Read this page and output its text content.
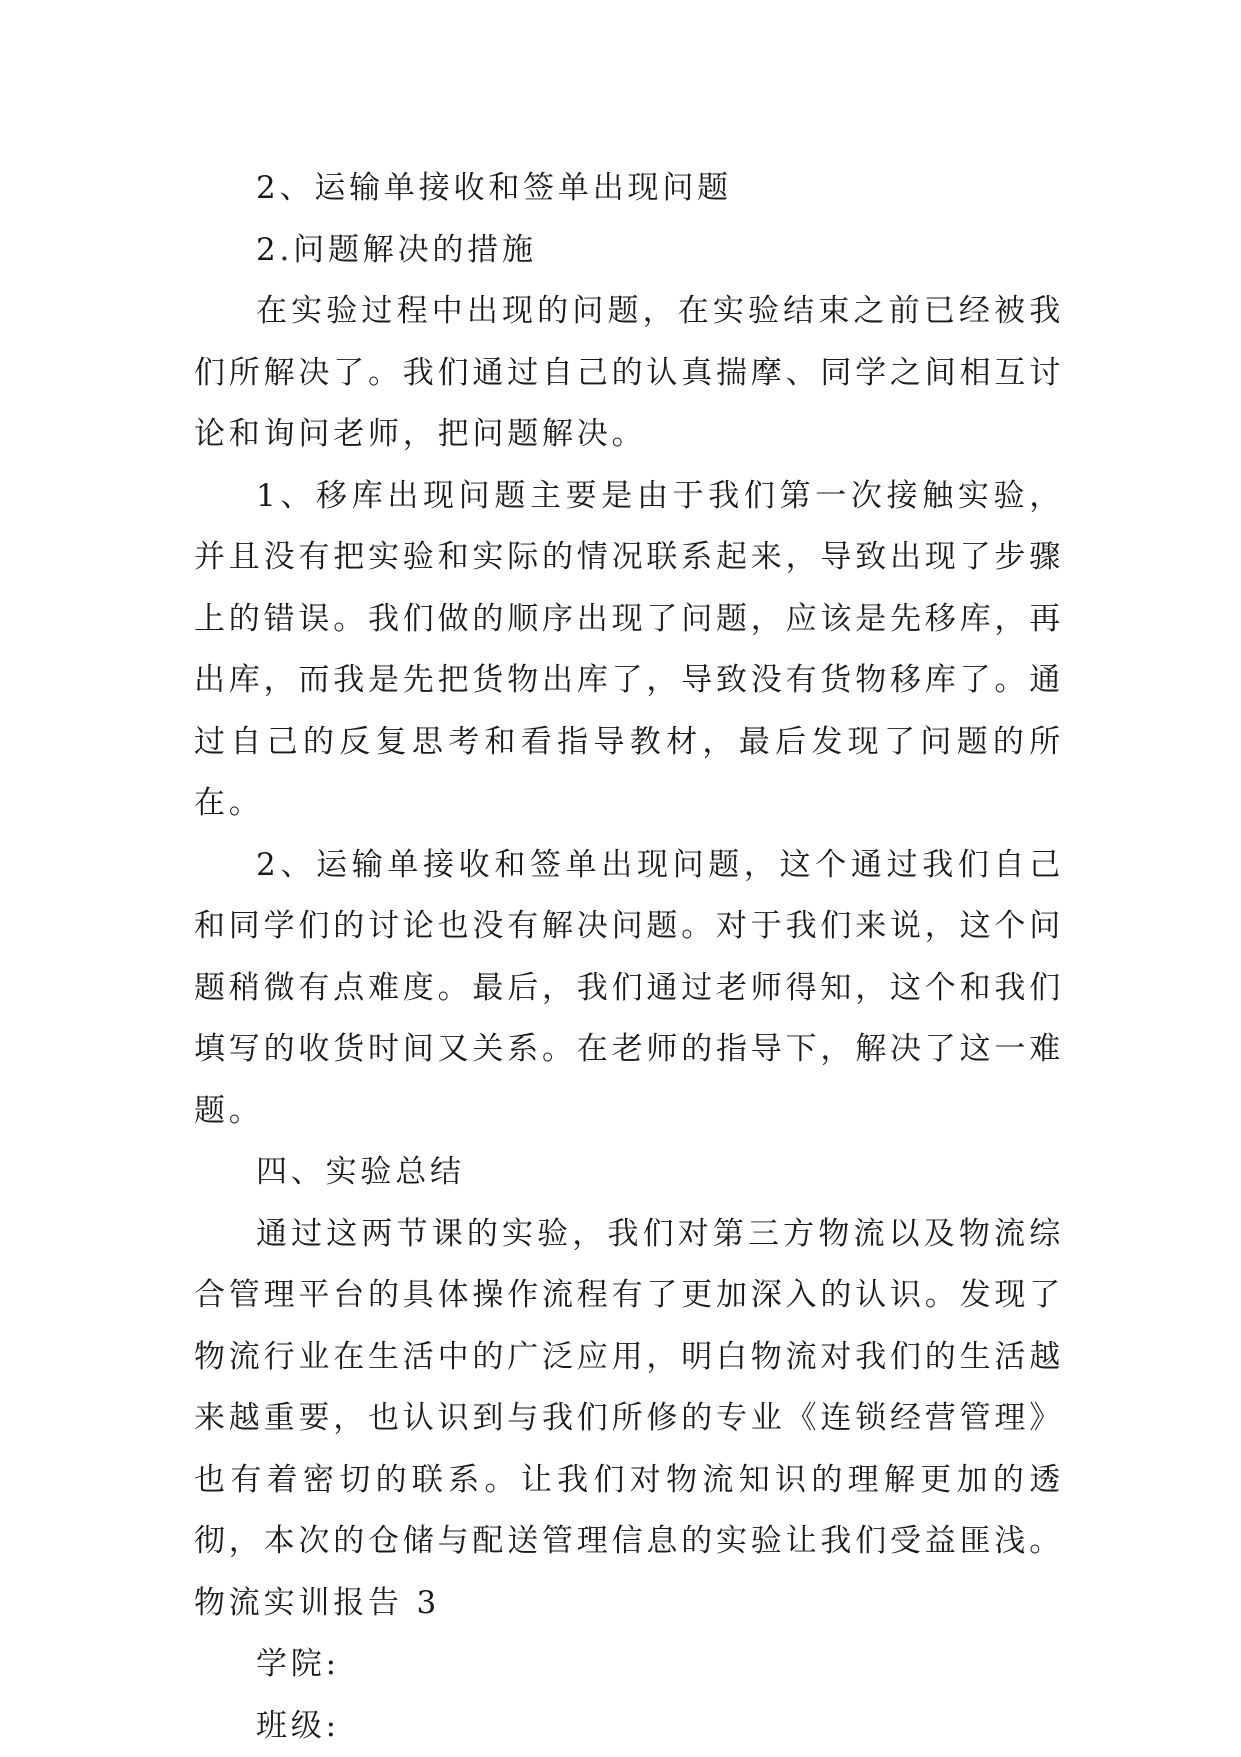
2、运输单接收和签单出现问题

2.问题解决的措施

在实验过程中出现的问题，在实验结束之前已经被我们所解决了。我们通过自己的认真揣摩、同学之间相互讨论和询问老师，把问题解决。

1、移库出现问题主要是由于我们第一次接触实验，并且没有把实验和实际的情况联系起来，导致出现了步骤上的错误。我们做的顺序出现了问题，应该是先移库，再出库，而我是先把货物出库了，导致没有货物移库了。通过自己的反复思考和看指导教材，最后发现了问题的所在。

2、运输单接收和签单出现问题，这个通过我们自己和同学们的讨论也没有解决问题。对于我们来说，这个问题稍微有点难度。最后，我们通过老师得知，这个和我们填写的收货时间又关系。在老师的指导下，解决了这一难题。

四、实验总结

通过这两节课的实验，我们对第三方物流以及物流综合管理平台的具体操作流程有了更加深入的认识。发现了物流行业在生活中的广泛应用，明白物流对我们的生活越来越重要，也认识到与我们所修的专业《连锁经营管理》也有着密切的联系。让我们对物流知识的理解更加的透彻，本次的仓储与配送管理信息的实验让我们受益匪浅。

物流实训报告 3

学院:

班级:
